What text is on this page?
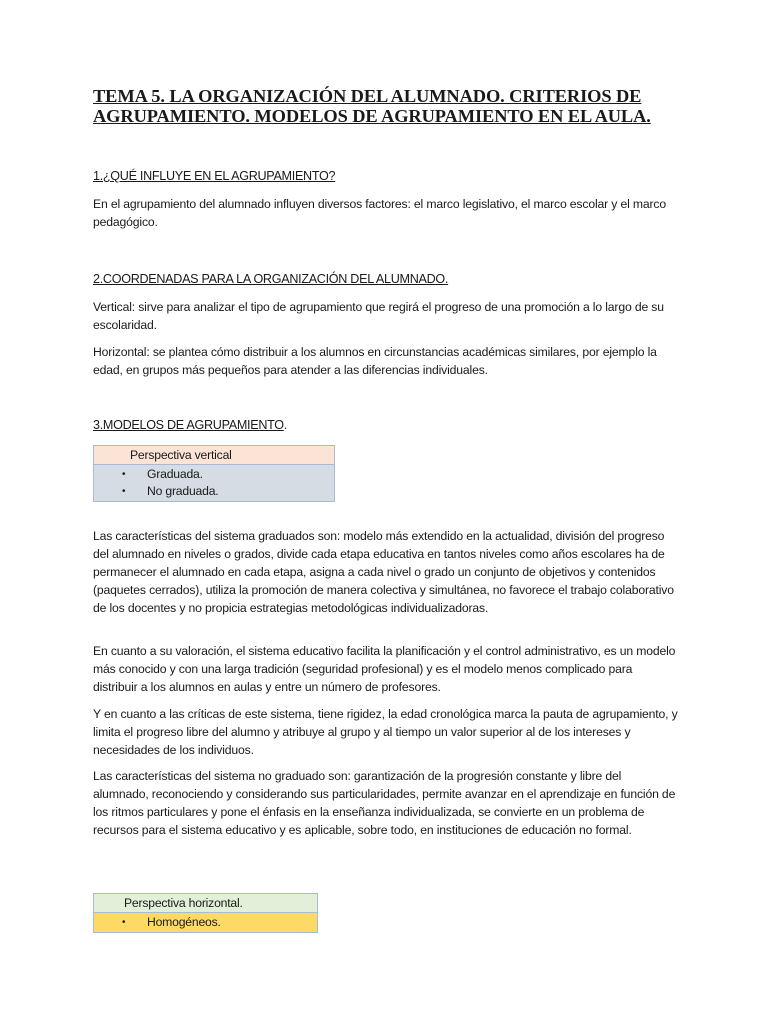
TEMA 5. LA ORGANIZACIÓN DEL ALUMNADO. CRITERIOS DE AGRUPAMIENTO. MODELOS DE AGRUPAMIENTO EN EL AULA.
1.¿QUÉ INFLUYE EN EL AGRUPAMIENTO?

En el agrupamiento del alumnado influyen diversos factores: el marco legislativo, el marco escolar y el marco pedagógico.

2.COORDENADAS PARA LA ORGANIZACIÓN DEL ALUMNADO.

Vertical: sirve para analizar el tipo de agrupamiento que regirá el progreso de una promoción a lo largo de su escolaridad.

Horizontal: se plantea cómo distribuir a los alumnos en circunstancias académicas similares, por ejemplo la edad, en grupos más pequeños para atender a las diferencias individuales.

3.MODELOS DE AGRUPAMIENTO.
Perspectiva vertical

• Graduada.
• No graduada.

Las características del sistema graduados son: modelo más extendido en la actualidad, división del progreso del alumnado en niveles o grados, divide cada etapa educativa en tantos niveles como años escolares ha de permanecer el alumnado en cada etapa, asigna a cada nivel o grado un conjunto de objetivos y contenidos (paquetes cerrados), utiliza la promoción de manera colectiva y simultánea, no favorece el trabajo colaborativo de los docentes y no propicia estrategias metodológicas individualizadoras.

En cuanto a su valoración, el sistema educativo facilita la planificación y el control administrativo, es un modelo más conocido y con una larga tradición (seguridad profesional) y es el modelo menos complicado para distribuir a los alumnos en aulas y entre un número de profesores.

Y en cuanto a las críticas de este sistema, tiene rigidez, la edad cronológica marca la pauta de agrupamiento, y limita el progreso libre del alumno y atribuye al grupo y al tiempo un valor superior al de los intereses y necesidades de los individuos.

Las características del sistema no graduado son: garantización de la progresión constante y libre del alumnado, reconociendo y considerando sus particularidades, permite avanzar en el aprendizaje en función de los ritmos particulares y pone el énfasis en la enseñanza individualizada, se convierte en un problema de recursos para el sistema educativo y es aplicable, sobre todo, en instituciones de educación no formal.

Perspectiva horizontal.

• Homogéneos.
